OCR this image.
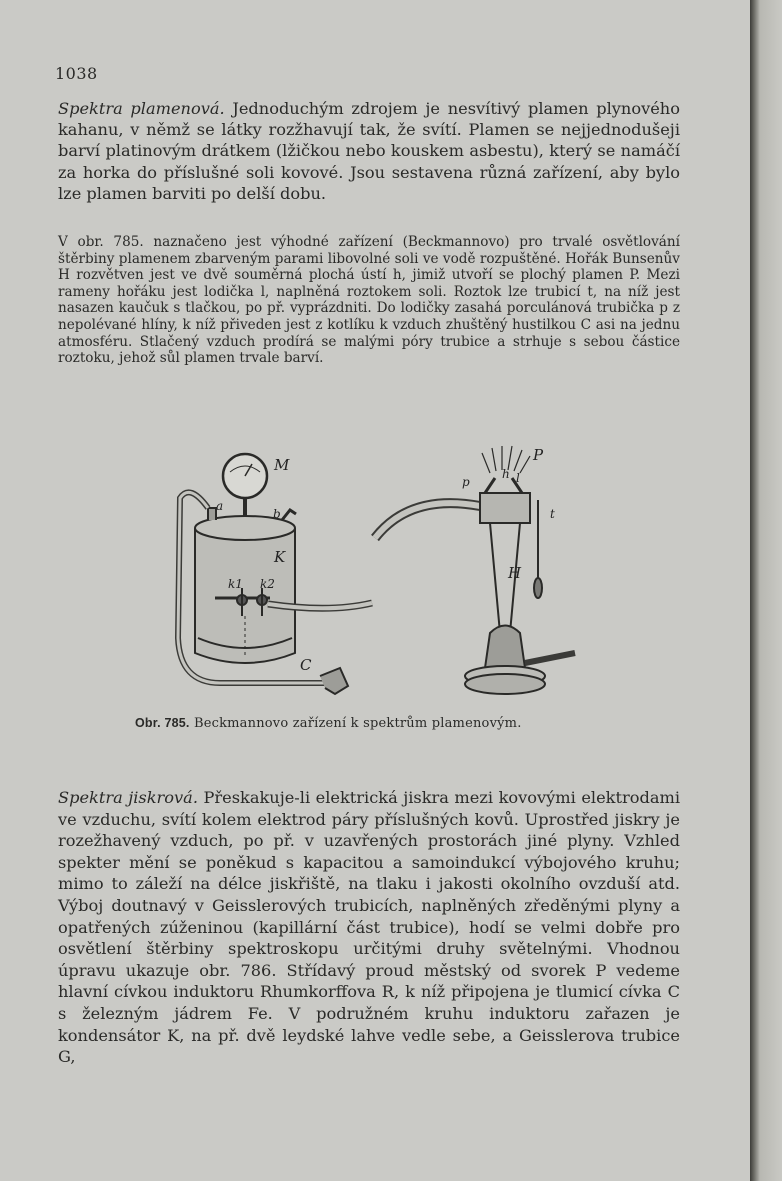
1038

Spektra plamenová. Jednoduchým zdrojem je nesvítivý plamen plynového kahanu, v němž se látky rozžhavují tak, že svítí. Plamen se nejjednodušeji barví platinovým drátkem (lžičkou nebo kouskem asbestu), který se namáčí za horka do příslušné soli kovové. Jsou sestavena různá zařízení, aby bylo lze plamen barviti po delší dobu.

V obr. 785. naznačeno jest výhodné zařízení (Beckmannovo) pro trvalé osvětlování štěrbiny plamenem zbarveným parami libovolné soli ve vodě rozpuštěné. Hořák Bunsenův H rozvětven jest ve dvě souměrná plochá ústí h, jimiž utvoří se plochý plamen P. Mezi rameny hořáku jest lodička l, naplněná roztokem soli. Roztok lze trubicí t, na níž jest nasazen kaučuk s tlačkou, po př. vyprázdniti. Do lodičky zasahá porculánová trubička p z nepolévané hlíny, k níž přiveden jest z kotlíku k vzduch zhuštěný hustilkou C asi na jednu atmosféru. Stlačený vzduch prodírá se malými póry trubice a strhuje s sebou částice roztoku, jehož sůl plamen trvale barví.

M
a
b
K
k1 k2
C
P
p
h l
t
H
Obr. 785. Beckmannovo zařízení k spektrům plamenovým.

Spektra jiskrová. Přeskakuje-li elektrická jiskra mezi kovovými elektrodami ve vzduchu, svítí kolem elektrod páry příslušných kovů. Uprostřed jiskry je rozežhavený vzduch, po př. v uzavřených prostorách jiné plyny. Vzhled spekter mění se poněkud s kapacitou a samoindukcí výbojového kruhu; mimo to záleží na délce jiskřiště, na tlaku i jakosti okolního ovzduší atd. Výboj doutnavý v Geisslerových trubicích, naplněných zředěnými plyny a opatřených zúženinou (kapillární část trubice), hodí se velmi dobře pro osvětlení štěrbiny spektroskopu určitými druhy světelnými. Vhodnou úpravu ukazuje obr. 786. Střídavý proud městský od svorek P vedeme hlavní cívkou induktoru Rhumkorffova R, k níž připojena je tlumicí cívka C s železným jádrem Fe. V podružném kruhu induktoru zařazen je kondensátor K, na př. dvě leydské lahve vedle sebe, a Geisslerova trubice G,
